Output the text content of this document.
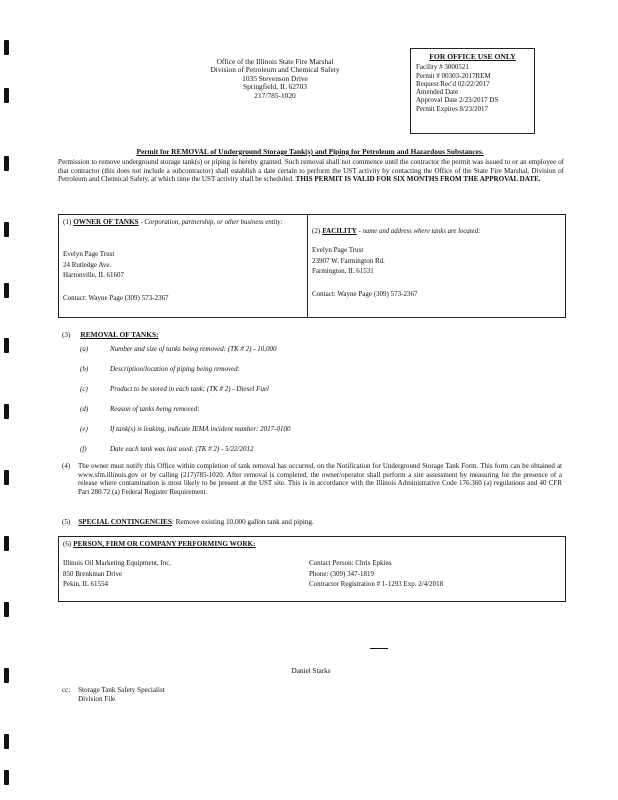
Office of the Illinois State Fire Marshal
Division of Petroleum and Chemical Safety
1035 Stevenson Drive
Springfield, IL 62703
217/785-1020
FOR OFFICE USE ONLY
Facility # 3000521
Permit # 00303-2017REM
Request Rec'd 02/22/2017
Amended Date
Approval Date 2/23/2017 DS
Permit Expires 8/23/2017
Permit for REMOVAL of Underground Storage Tank(s) and Piping for Petroleum and Hazardous Substances.
Permission to remove underground storage tank(s) or piping is hereby granted. Such removal shall not commence until the contractor the permit was issued to or an employee of that contractor (this does not include a subcontractor) shall establish a date certain to perform the UST activity by contacting the Office of the State Fire Marshal, Division of Petroleum and Chemical Safety, at which time the UST activity shall be scheduled. THIS PERMIT IS VALID FOR SIX MONTHS FROM THE APPROVAL DATE.
(1) OWNER OF TANKS - Corporation, partnership, or other business entity:
Evelyn Page Trust
24 Rutledge Ave.
Hartonville, IL 61607
Contact: Wayne Page (309) 573-2367
(2) FACILITY - name and address where tanks are located:
Evelyn Page Trust
23907 W. Farmington Rd.
Farmington, IL 61531
Contact: Wayne Page (309) 573-2367
(3) REMOVAL OF TANKS:
(a)	Number and size of tanks being removed: (TK # 2) - 10,000
(b)	Description/location of piping being removed:
(c)	Product to be stored in each tank: (TK # 2) - Diesel Fuel
(d)	Reason of tanks being removed:
(e)	If tank(s) is leaking, indicate IEMA incident number: 2017-0100
(f)	Date each tank was last used: (TK # 2) - 5/22/2012
(4) The owner must notify this Office within completion of tank removal has occurred, on the Notification for Underground Storage Tank Form. This form can be obtained at www.sfm.illinois.gov or by calling (217)785-1020. After removal is completed, the owner/operator shall perform a site assessment by measuring for the presence of a release where contamination is most likely to be present at the UST site. This is in accordance with the Illinois Administrative Code 176.360 (a) regulations and 40 CFR Part 280.72 (a) Federal Register Requirement.
(5) SPECIAL CONTINGENCIES: Remove existing 10,000 gallon tank and piping.
(6) PERSON, FIRM OR COMPANY PERFORMING WORK:
Illinois Oil Marketing Equipment, Inc.
850 Brenkman Drive
Pekin, IL 61554
Contact Person: Chris Epkins
Phone: (309) 347-1819
Contractor Registration # 1-1293 Exp. 2/4/2018
Daniel Starks
cc: Storage Tank Safety Specialist
Division File
